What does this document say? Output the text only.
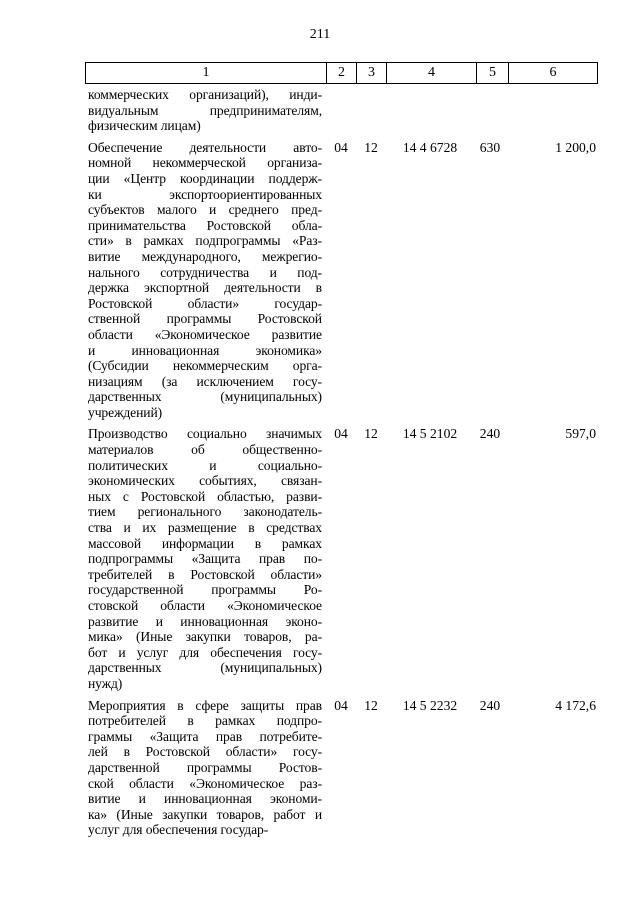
211
1	2	3	4	5	6
коммерческих организаций), инди-
видуальным предпринимателям,
физическим лицам)
Обеспечение деятельности авто-
номной некоммерческой организа-
ции «Центр координации поддерж-
ки экспортоориентированных
субъектов малого и среднего пред-
принимательства Ростовской обла-
сти» в рамках подпрограммы «Раз-
витие международного, межрегио-
нального сотрудничества и под-
держка экспортной деятельности в
Ростовской области» государ-
ственной программы Ростовской
области «Экономическое развитие
и инновационная экономика»
(Субсидии некоммерческим орга-
низациям (за исключением госу-
дарственных (муниципальных)
учреждений)
04	12	14 4 6728	630	1 200,0
Производство социально значимых
материалов об общественно-
политических и социально-
экономических событиях, связан-
ных с Ростовской областью, разви-
тием регионального законодатель-
ства и их размещение в средствах
массовой информации в рамках
подпрограммы «Защита прав по-
требителей в Ростовской области»
государственной программы Ро-
стовской области «Экономическое
развитие и инновационная эконо-
мика» (Иные закупки товаров, ра-
бот и услуг для обеспечения госу-
дарственных (муниципальных)
нужд)
04	12	14 5 2102	240	597,0
Мероприятия в сфере защиты прав
потребителей в рамках подпро-
граммы «Защита прав потребите-
лей в Ростовской области» госу-
дарственной программы Ростов-
ской области «Экономическое раз-
витие и инновационная экономи-
ка» (Иные закупки товаров, работ и
услуг для обеспечения государ-
04	12	14 5 2232	240	4 172,6
